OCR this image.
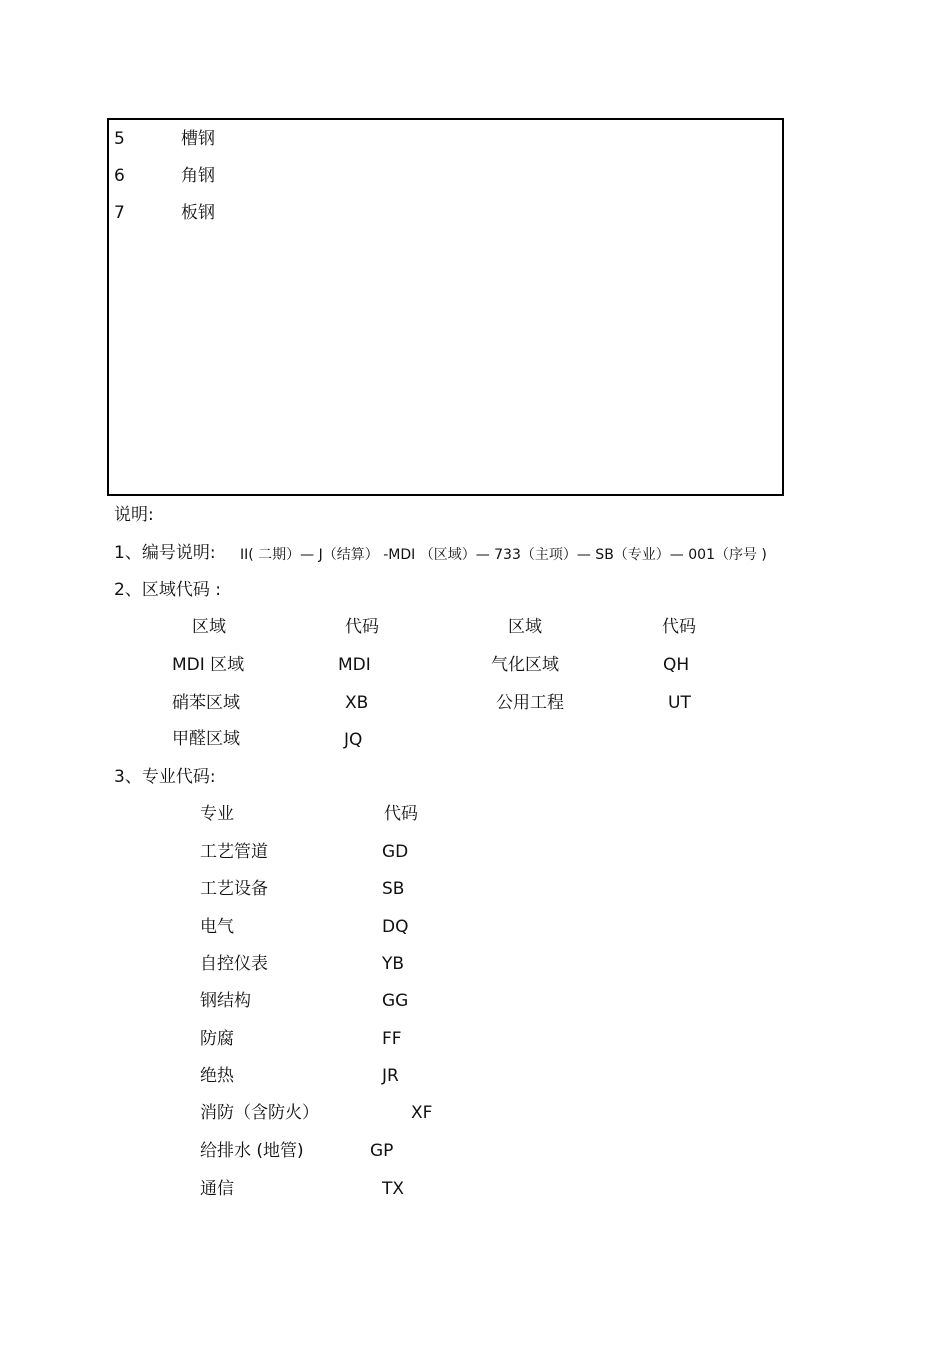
5	槽钢
6	角钢
7	板钢
说明:
1、编号说明: II( 二期）— J（结算） -MDI （区域）— 733（主项）— SB（专业）— 001（序号 )
2、区域代码 :
区域	代码	区域	代码
MDI 区域	MDI	气化区域	QH
硝苯区域	XB	公用工程	UT
甲醛区域	JQ
3、专业代码:
专业	代码
工艺管道	GD
工艺设备	SB
电气	DQ
自控仪表	YB
钢结构	GG
防腐	FF
绝热	JR
消防（含防火）	XF
给排水 (地管)	GP
通信	TX
